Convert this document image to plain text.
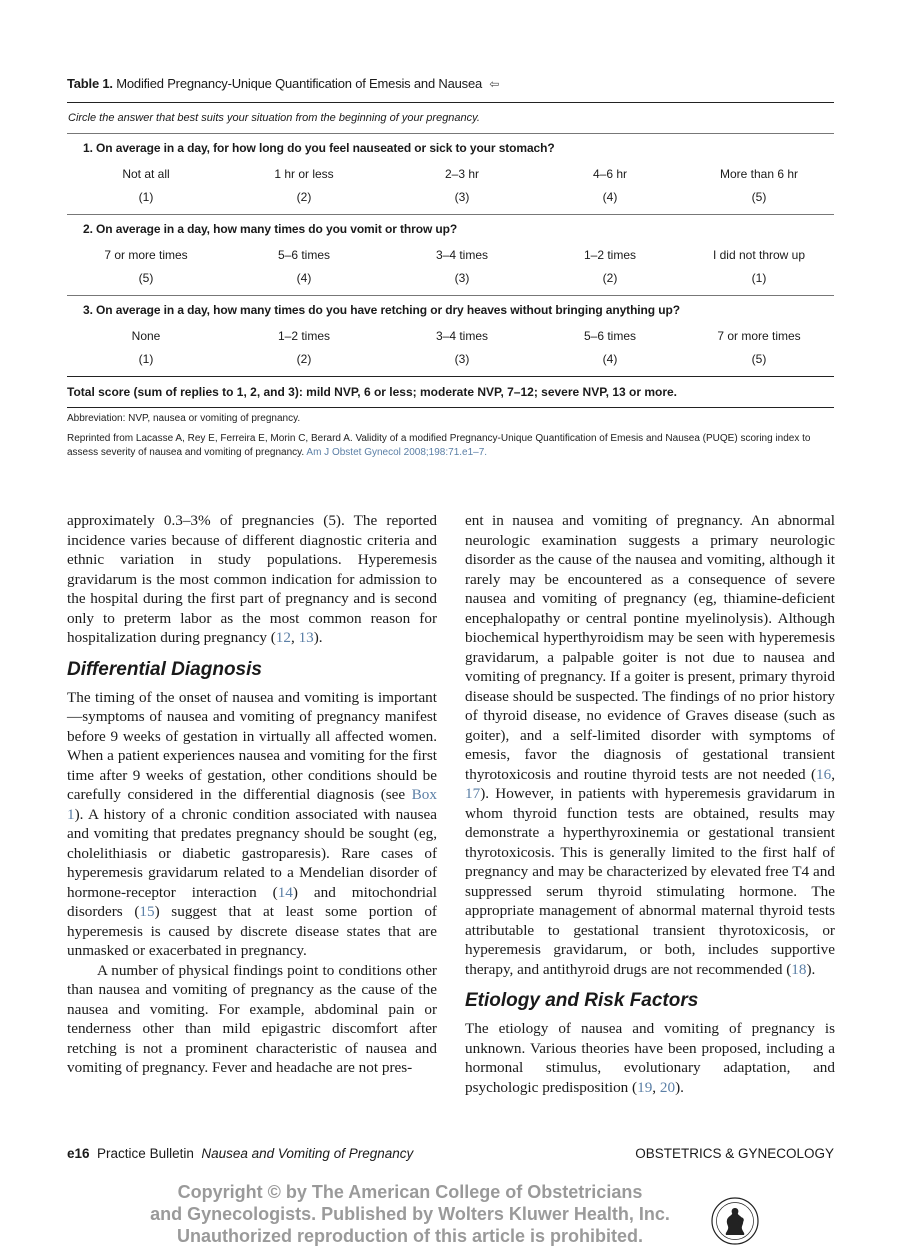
Table 1. Modified Pregnancy-Unique Quantification of Emesis and Nausea ⇦
Circle the answer that best suits your situation from the beginning of your pregnancy.
1. On average in a day, for how long do you feel nauseated or sick to your stomach?
Not at all	1 hr or less	2–3 hr	4–6 hr	More than 6 hr
(1)	(2)	(3)	(4)	(5)
2. On average in a day, how many times do you vomit or throw up?
7 or more times	5–6 times	3–4 times	1–2 times	I did not throw up
(5)	(4)	(3)	(2)	(1)
3. On average in a day, how many times do you have retching or dry heaves without bringing anything up?
None	1–2 times	3–4 times	5–6 times	7 or more times
(1)	(2)	(3)	(4)	(5)
Total score (sum of replies to 1, 2, and 3): mild NVP, 6 or less; moderate NVP, 7–12; severe NVP, 13 or more.
Abbreviation: NVP, nausea or vomiting of pregnancy.
Reprinted from Lacasse A, Rey E, Ferreira E, Morin C, Berard A. Validity of a modified Pregnancy-Unique Quantification of Emesis and Nausea (PUQE) scoring index to assess severity of nausea and vomiting of pregnancy. Am J Obstet Gynecol 2008;198:71.e1–7.

approximately 0.3–3% of pregnancies (5). The reported incidence varies because of different diagnostic criteria and ethnic variation in study populations. Hyperemesis gravidarum is the most common indication for admission to the hospital during the first part of pregnancy and is second only to preterm labor as the most common reason for hospitalization during pregnancy (12, 13).

Differential Diagnosis

The timing of the onset of nausea and vomiting is important—symptoms of nausea and vomiting of pregnancy manifest before 9 weeks of gestation in virtually all affected women. When a patient experiences nausea and vomiting for the first time after 9 weeks of gestation, other conditions should be carefully considered in the differential diagnosis (see Box 1). A history of a chronic condition associated with nausea and vomiting that predates pregnancy should be sought (eg, cholelithiasis or diabetic gastroparesis). Rare cases of hyperemesis gravidarum related to a Mendelian disorder of hormone-receptor interaction (14) and mitochondrial disorders (15) suggest that at least some portion of hyperemesis is caused by discrete disease states that are unmasked or exacerbated in pregnancy.

A number of physical findings point to conditions other than nausea and vomiting of pregnancy as the cause of the nausea and vomiting. For example, abdominal pain or tenderness other than mild epigastric discomfort after retching is not a prominent characteristic of nausea and vomiting of pregnancy. Fever and headache are not pres-

ent in nausea and vomiting of pregnancy. An abnormal neurologic examination suggests a primary neurologic disorder as the cause of the nausea and vomiting, although it rarely may be encountered as a consequence of severe nausea and vomiting of pregnancy (eg, thiamine-deficient encephalopathy or central pontine myelinolysis). Although biochemical hyperthyroidism may be seen with hyperemesis gravidarum, a palpable goiter is not due to nausea and vomiting of pregnancy. If a goiter is present, primary thyroid disease should be suspected. The findings of no prior history of thyroid disease, no evidence of Graves disease (such as goiter), and a self-limited disorder with symptoms of emesis, favor the diagnosis of gestational transient thyrotoxicosis and routine thyroid tests are not needed (16, 17). However, in patients with hyperemesis gravidarum in whom thyroid function tests are obtained, results may demonstrate a hyperthyroxinemia or gestational transient thyrotoxicosis. This is generally limited to the first half of pregnancy and may be characterized by elevated free T4 and suppressed serum thyroid stimulating hormone. The appropriate management of abnormal maternal thyroid tests attributable to gestational transient thyrotoxicosis, or hyperemesis gravidarum, or both, includes supportive therapy, and antithyroid drugs are not recommended (18).

Etiology and Risk Factors

The etiology of nausea and vomiting of pregnancy is unknown. Various theories have been proposed, including a hormonal stimulus, evolutionary adaptation, and psychologic predisposition (19, 20).

e16 Practice Bulletin Nausea and Vomiting of Pregnancy	OBSTETRICS & GYNECOLOGY
Copyright © by The American College of Obstetricians
and Gynecologists. Published by Wolters Kluwer Health, Inc.
Unauthorized reproduction of this article is prohibited.
